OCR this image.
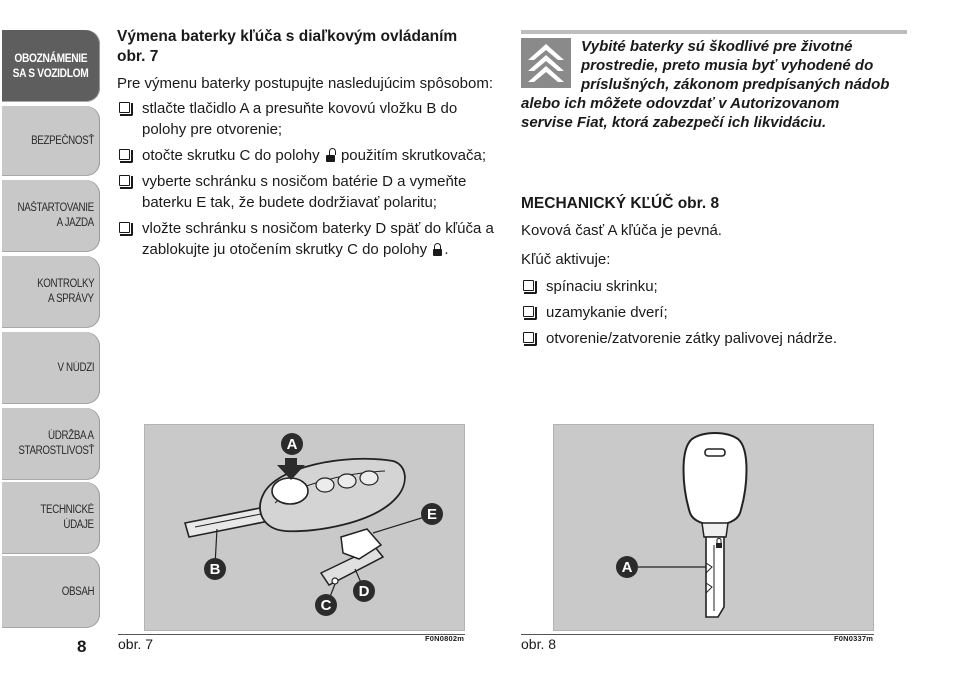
OBOZNÁMENIE
SA S VOZIDLOM
BEZPEČNOSŤ
NAŠTARTOVANIE
A JAZDA
KONTROLKY
A SPRÁVY
V NÚDZI
ÚDRŽBA A
STAROSTLIVOSŤ
TECHNICKÉ
ÚDAJE
OBSAH
8
Výmena baterky kľúča s diaľkovým ovládaním
obr. 7

Pre výmenu baterky postupujte nasledujúcim spôsobom:

stlačte tlačidlo A a presuňte kovovú vložku B do polohy pre otvorenie;
otočte skrutku C do polohy použitím skrutkovača;
vyberte schránku s nosičom batérie D a vymeňte baterku E tak, že budete dodržiavať polaritu;
vložte schránku s nosičom baterky D späť do kľúča a zablokujte ju otočením skrutky C do polohy .
Vybité baterky sú škodlivé pre životné
prostredie, preto musia byť vyhodené do
príslušných, zákonom predpísaných nádob
alebo ich môžete odovzdať v Autorizovanom
servise Fiat, ktorá zabezpečí ich likvidáciu.
MECHANICKÝ KĽÚČ obr. 8

Kovová časť A kľúča je pevná.

Kľúč aktivuje:

spínaciu skrinku;
uzamykanie dverí;
otvorenie/zatvorenie zátky palivovej nádrže.
A
B
E
D
C
obr. 7	F0N0802m
A
obr. 8	F0N0337m
